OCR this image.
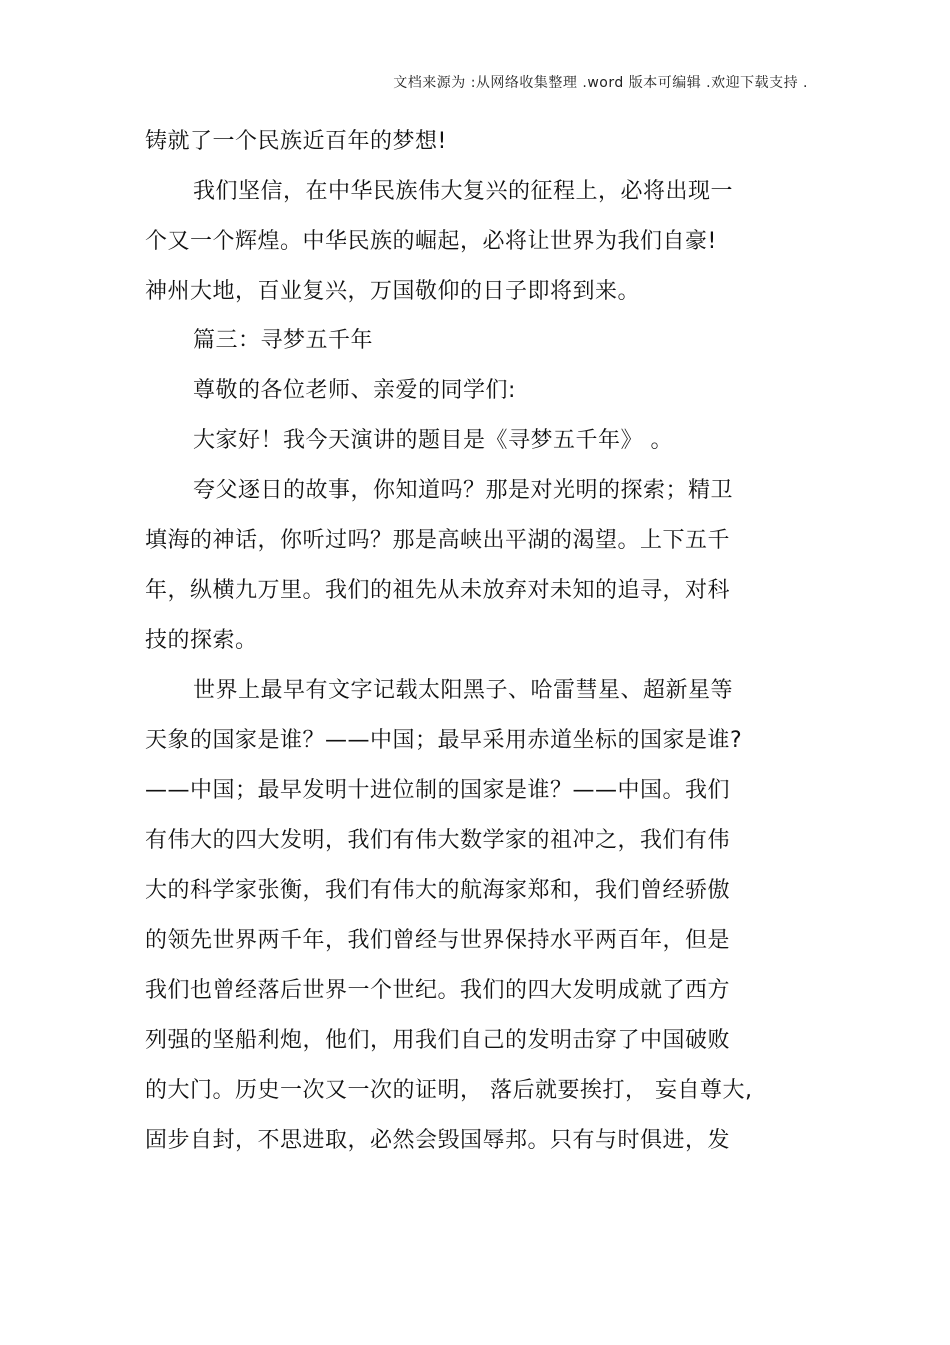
文档来源为 :从网络收集整理 .word 版本可编辑 .欢迎下载支持 .
铸就了一个民族近百年的梦想!
我们坚信，在中华民族伟大复兴的征程上，必将出现一
个又一个辉煌。中华民族的崛起，必将让世界为我们自豪!
神州大地，百业复兴，万国敬仰的日子即将到来。
篇三：寻梦五千年
尊敬的各位老师、亲爱的同学们:
大家好！我今天演讲的题目是《寻梦五千年》 。
夸父逐日的故事，你知道吗？那是对光明的探索；精卫
填海的神话，你听过吗？那是高峡出平湖的渴望。上下五千
年，纵横九万里。我们的祖先从未放弃对未知的追寻，对科
技的探索。
世界上最早有文字记载太阳黑子、哈雷彗星、超新星等
天象的国家是谁？——中国；最早采用赤道坐标的国家是谁?
——中国；最早发明十进位制的国家是谁？——中国。我们
有伟大的四大发明，我们有伟大数学家的祖冲之，我们有伟
大的科学家张衡，我们有伟大的航海家郑和，我们曾经骄傲
的领先世界两千年，我们曾经与世界保持水平两百年，但是
我们也曾经落后世界一个世纪。我们的四大发明成就了西方
列强的坚船利炮，他们，用我们自己的发明击穿了中国破败
的大门。历史一次又一次的证明， 落后就要挨打， 妄自尊大,
固步自封，不思进取，必然会毁国辱邦。只有与时俱进，发
